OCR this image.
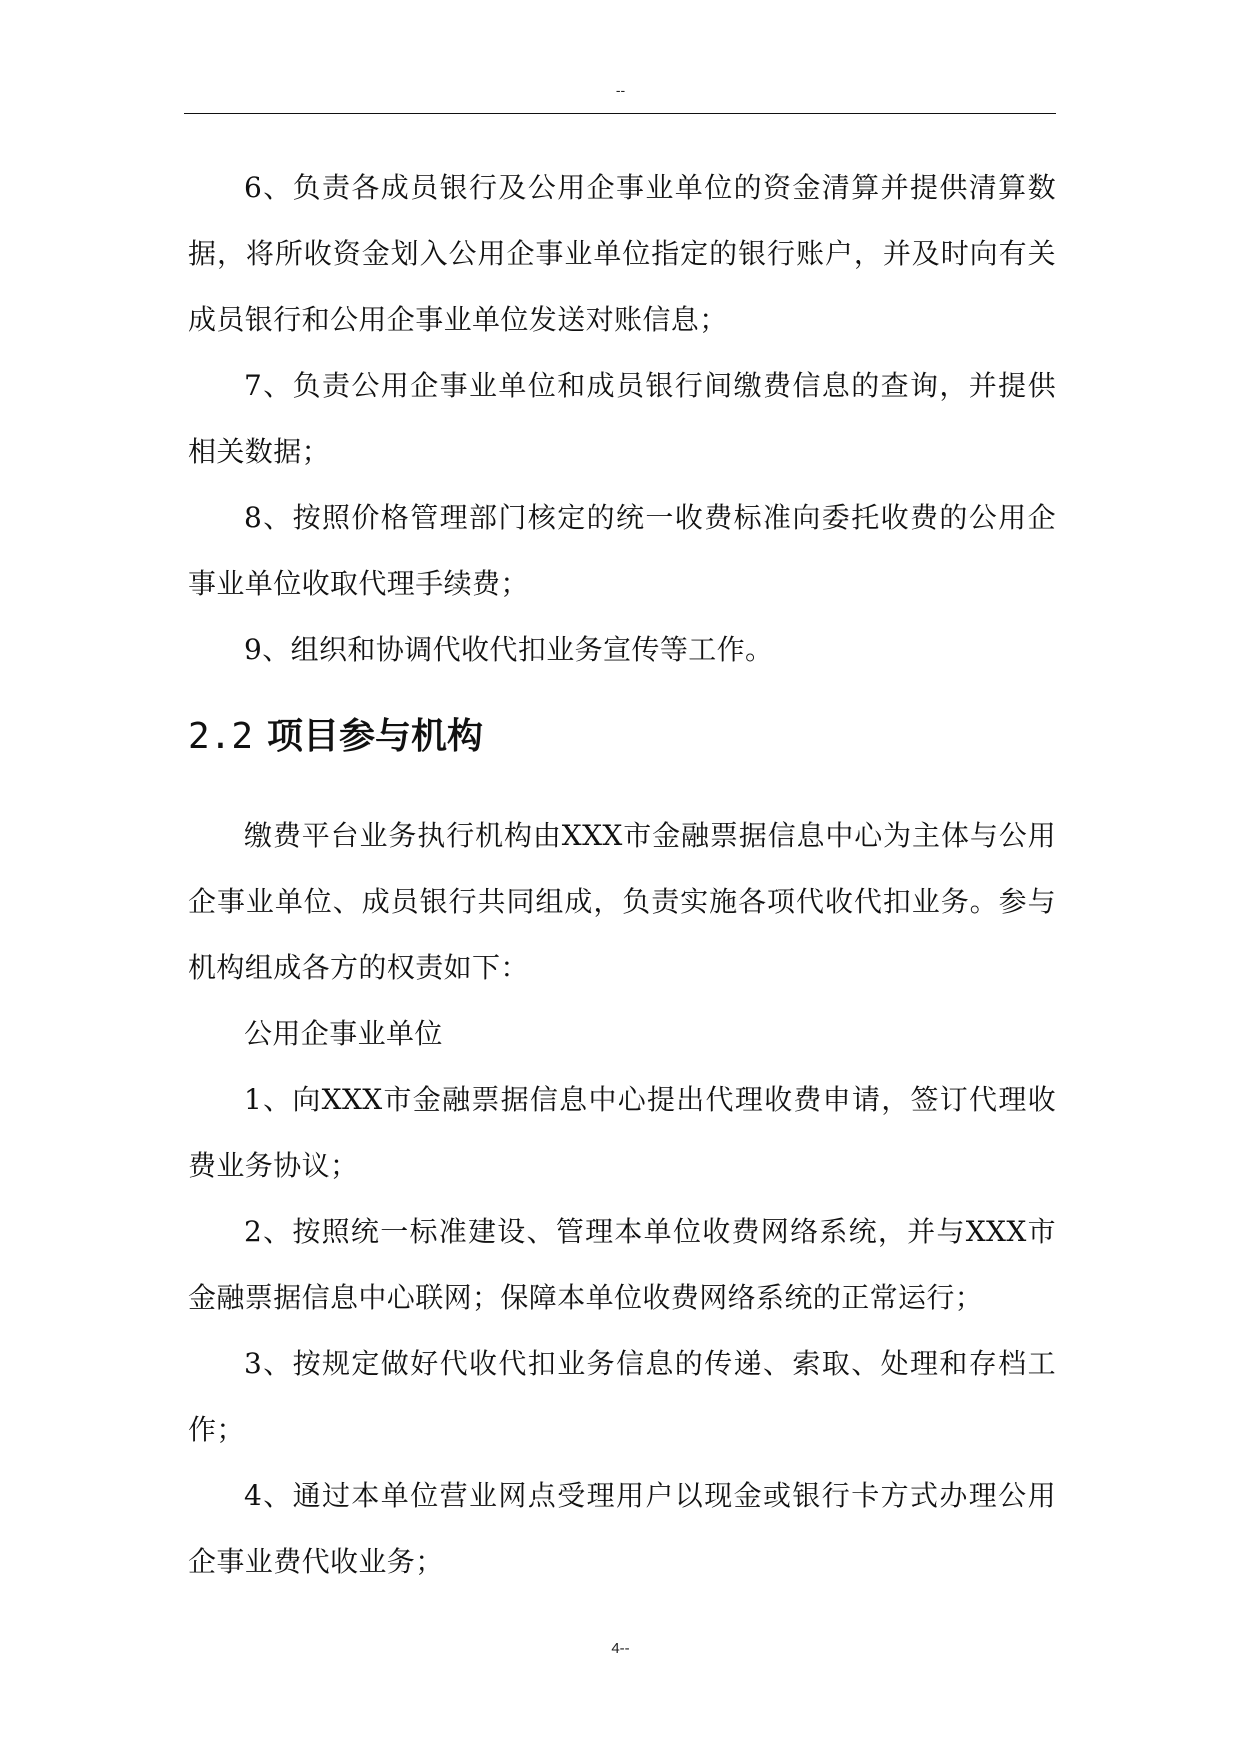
--

6、负责各成员银行及公用企事业单位的资金清算并提供清算数据，将所收资金划入公用企事业单位指定的银行账户，并及时向有关成员银行和公用企事业单位发送对账信息；

7、负责公用企事业单位和成员银行间缴费信息的查询，并提供相关数据；

8、按照价格管理部门核定的统一收费标准向委托收费的公用企事业单位收取代理手续费；

9、组织和协调代收代扣业务宣传等工作。

2.2 项目参与机构

缴费平台业务执行机构由XXX市金融票据信息中心为主体与公用企事业单位、成员银行共同组成，负责实施各项代收代扣业务。参与机构组成各方的权责如下：

公用企事业单位

1、向XXX市金融票据信息中心提出代理收费申请，签订代理收费业务协议；

2、按照统一标准建设、管理本单位收费网络系统，并与XXX市金融票据信息中心联网；保障本单位收费网络系统的正常运行；

3、按规定做好代收代扣业务信息的传递、索取、处理和存档工作；

4、通过本单位营业网点受理用户以现金或银行卡方式办理公用企事业费代收业务；

4--
